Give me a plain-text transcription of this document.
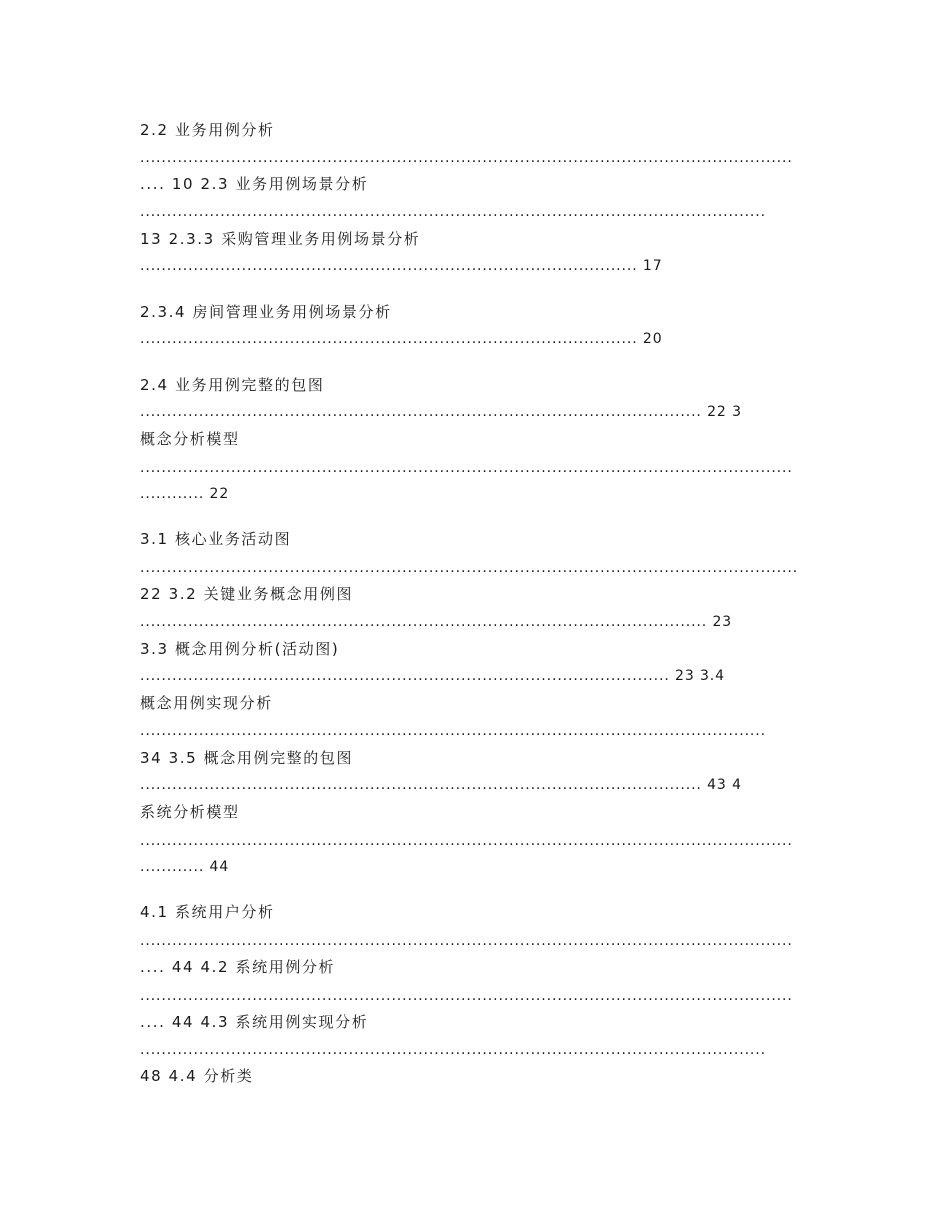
2.2 业务用例分析
..........................................................................................................................
.... 10 2.3 业务用例场景分析
.....................................................................................................................
13 2.3.3 采购管理业务用例场景分析
............................................................................................. 17
2.3.4 房间管理业务用例场景分析
............................................................................................. 20
2.4 业务用例完整的包图
......................................................................................................... 22 3
概念分析模型
..........................................................................................................................
............ 22
3.1 核心业务活动图
...........................................................................................................................
22 3.2 关键业务概念用例图
.......................................................................................................... 23
3.3 概念用例分析(活动图)
................................................................................................... 23 3.4
概念用例实现分析
.....................................................................................................................
34 3.5 概念用例完整的包图
......................................................................................................... 43 4
系统分析模型
..........................................................................................................................
............ 44
4.1 系统用户分析
..........................................................................................................................
.... 44 4.2 系统用例分析
..........................................................................................................................
.... 44 4.3 系统用例实现分析
.....................................................................................................................
48 4.4 分析类
